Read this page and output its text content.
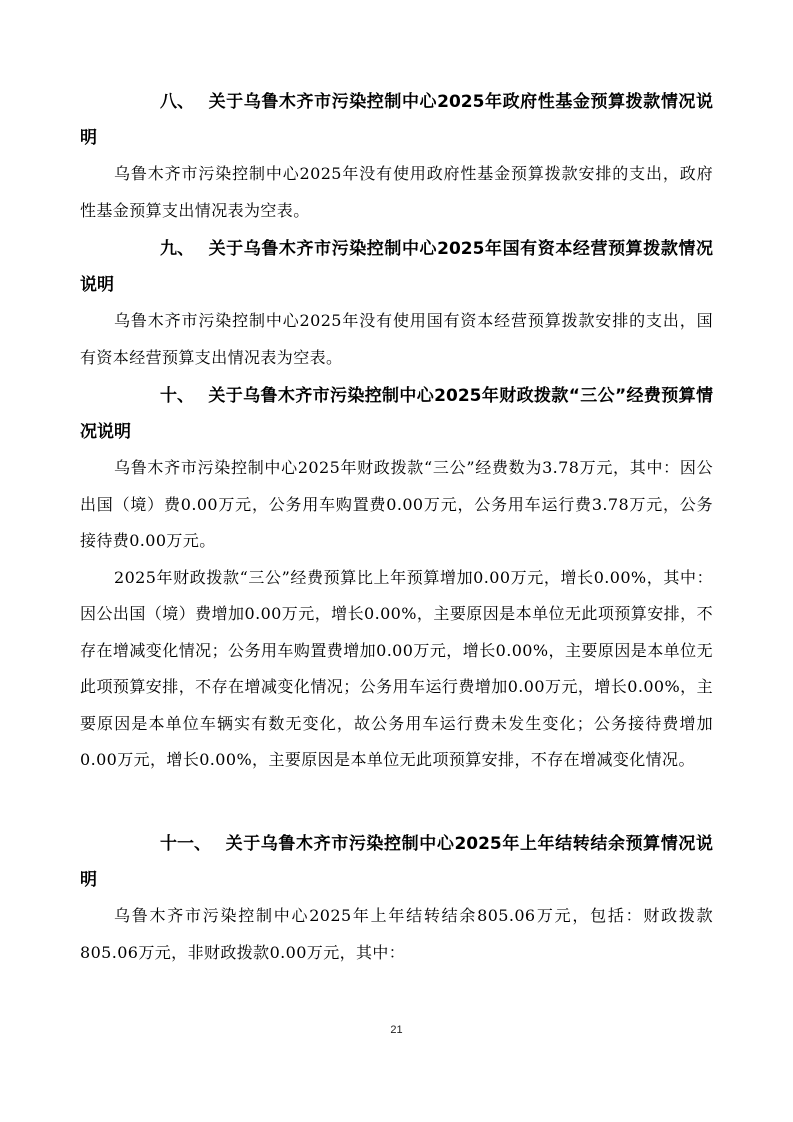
八、 关于乌鲁木齐市污染控制中心2025年政府性基金预算拨款情况说明

乌鲁木齐市污染控制中心2025年没有使用政府性基金预算拨款安排的支出，政府性基金预算支出情况表为空表。

九、 关于乌鲁木齐市污染控制中心2025年国有资本经营预算拨款情况说明

乌鲁木齐市污染控制中心2025年没有使用国有资本经营预算拨款安排的支出，国有资本经营预算支出情况表为空表。

十、 关于乌鲁木齐市污染控制中心2025年财政拨款“三公”经费预算情况说明

乌鲁木齐市污染控制中心2025年财政拨款“三公”经费数为3.78万元，其中：因公出国（境）费0.00万元，公务用车购置费0.00万元，公务用车运行费3.78万元，公务接待费0.00万元。

2025年财政拨款“三公”经费预算比上年预算增加0.00万元，增长0.00%，其中：因公出国（境）费增加0.00万元，增长0.00%，主要原因是本单位无此项预算安排，不存在增减变化情况；公务用车购置费增加0.00万元，增长0.00%，主要原因是本单位无此项预算安排，不存在增减变化情况；公务用车运行费增加0.00万元，增长0.00%，主要原因是本单位车辆实有数无变化，故公务用车运行费未发生变化；公务接待费增加0.00万元，增长0.00%，主要原因是本单位无此项预算安排，不存在增减变化情况。

十一、 关于乌鲁木齐市污染控制中心2025年上年结转结余预算情况说明

乌鲁木齐市污染控制中心2025年上年结转结余805.06万元，包括：财政拨款805.06万元，非财政拨款0.00万元，其中：

21
